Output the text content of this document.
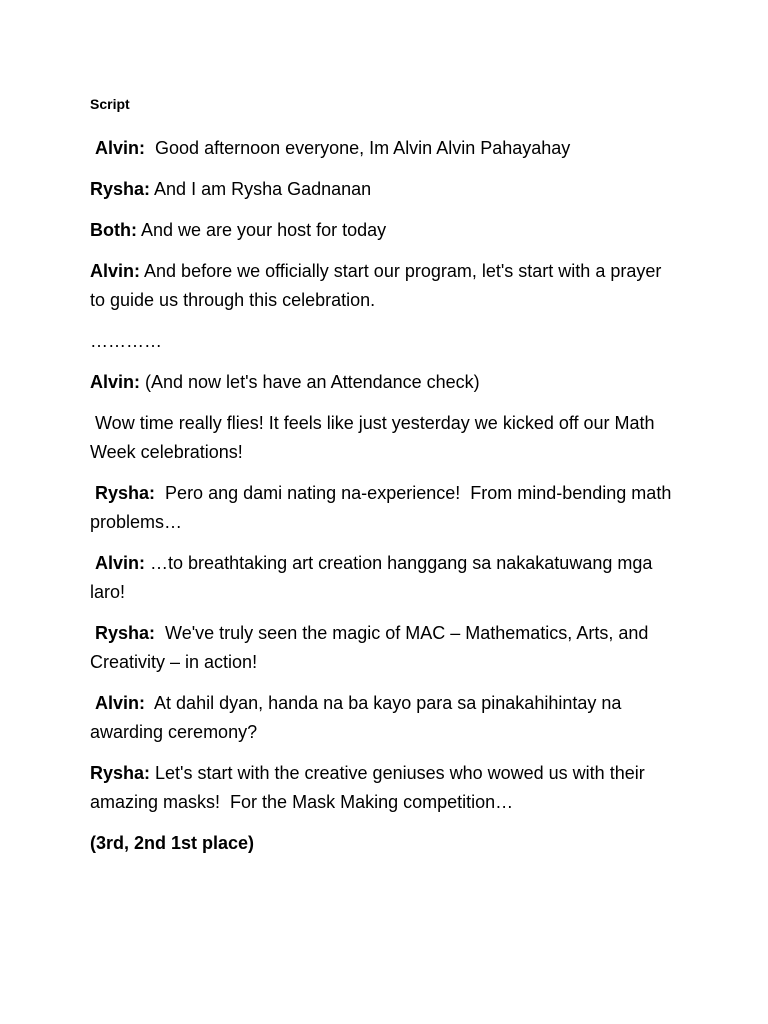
Script

Alvin:  Good afternoon everyone, Im Alvin Alvin Pahayahay

Rysha: And I am Rysha Gadnanan

Both: And we are your host for today

Alvin: And before we officially start our program, let's start with a prayer to guide us through this celebration.

…………

Alvin: (And now let's have an Attendance check)

Wow time really flies! It feels like just yesterday we kicked off our Math Week celebrations!

Rysha:  Pero ang dami nating na-experience!  From mind-bending math problems…

Alvin: …to breathtaking art creation hanggang sa nakakatuwang mga laro!

Rysha:  We've truly seen the magic of MAC – Mathematics, Arts, and Creativity – in action!

Alvin:  At dahil dyan, handa na ba kayo para sa pinakahihintay na awarding ceremony?

Rysha: Let's start with the creative geniuses who wowed us with their amazing masks!  For the Mask Making competition…

(3rd, 2nd 1st place)
